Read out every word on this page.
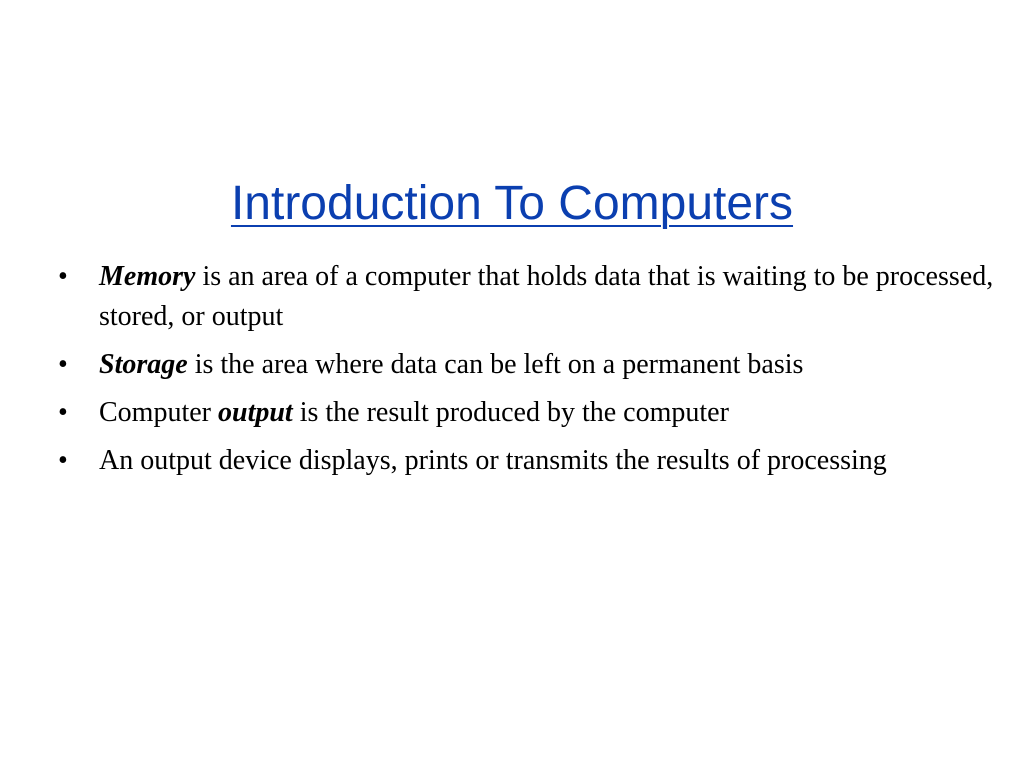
Introduction To Computers
•	Memory is an area of a computer that holds data that is waiting to be processed, stored, or output
•	Storage is the area where data can be left on a permanent basis
•	Computer output is the result produced by the computer
•	An output device displays, prints or transmits the results of processing
